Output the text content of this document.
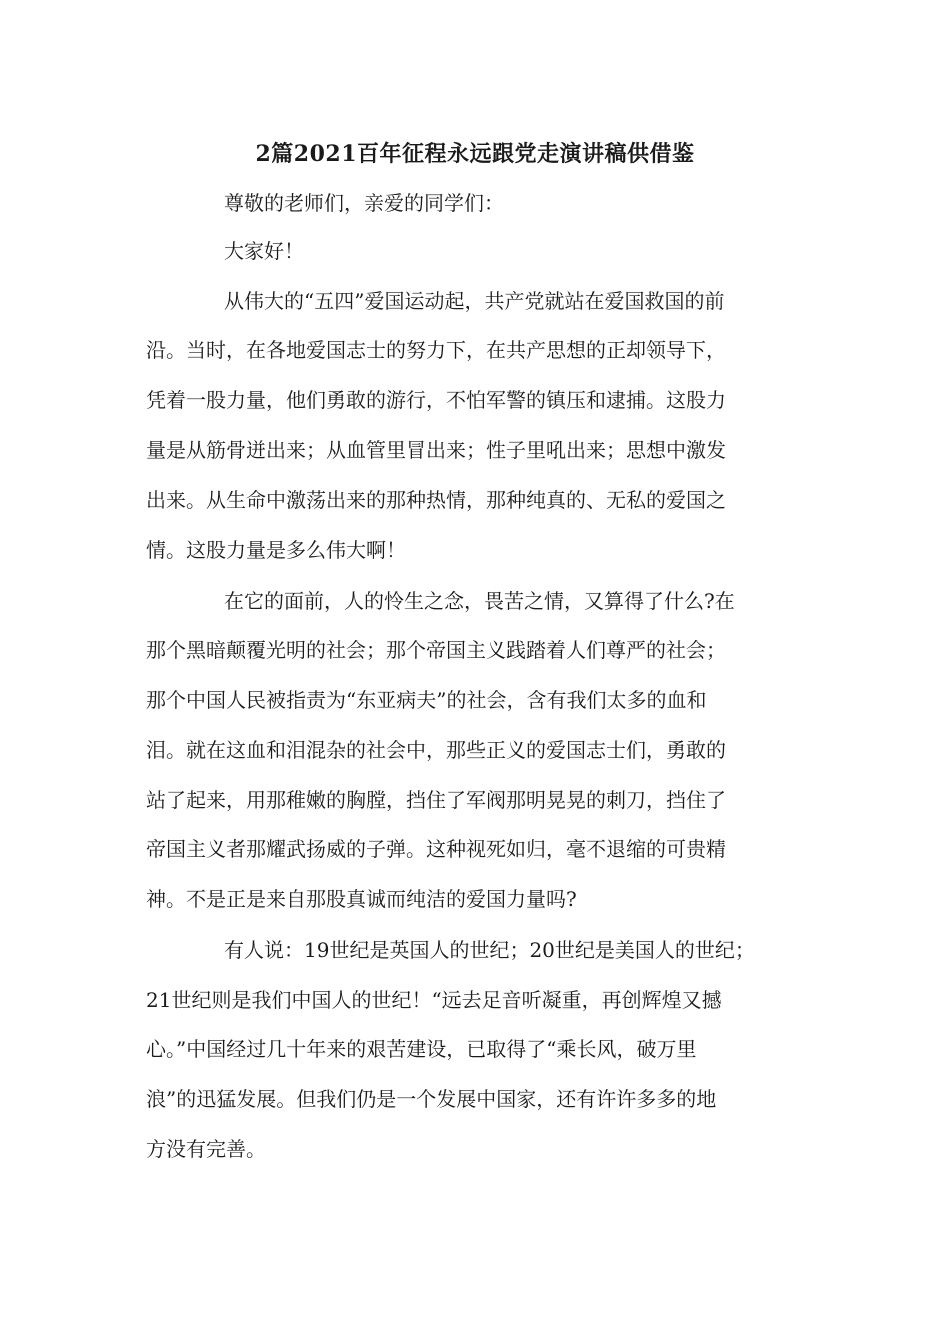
2篇2021百年征程永远跟党走演讲稿供借鉴
尊敬的老师们，亲爱的同学们：
大家好！
从伟大的“五四”爱国运动起，共产党就站在爱国救国的前
沿。当时，在各地爱国志士的努力下，在共产思想的正却领导下，
凭着一股力量，他们勇敢的游行，不怕军警的镇压和逮捕。这股力
量是从筋骨迸出来；从血管里冒出来；性子里吼出来；思想中激发
出来。从生命中激荡出来的那种热情，那种纯真的、无私的爱国之
情。这股力量是多么伟大啊！
在它的面前，人的怜生之念，畏苦之情，又算得了什么?在
那个黑暗颠覆光明的社会；那个帝国主义践踏着人们尊严的社会；
那个中国人民被指责为“东亚病夫”的社会，含有我们太多的血和
泪。就在这血和泪混杂的社会中，那些正义的爱国志士们，勇敢的
站了起来，用那稚嫩的胸膛，挡住了军阀那明晃晃的刺刀，挡住了
帝国主义者那耀武扬威的子弹。这种视死如归，毫不退缩的可贵精
神。不是正是来自那股真诚而纯洁的爱国力量吗?
有人说：19世纪是英国人的世纪；20世纪是美国人的世纪；
21世纪则是我们中国人的世纪！“远去足音听凝重，再创辉煌又撼
心。”中国经过几十年来的艰苦建设，已取得了“乘长风，破万里
浪”的迅猛发展。但我们仍是一个发展中国家，还有许许多多的地
方没有完善。
